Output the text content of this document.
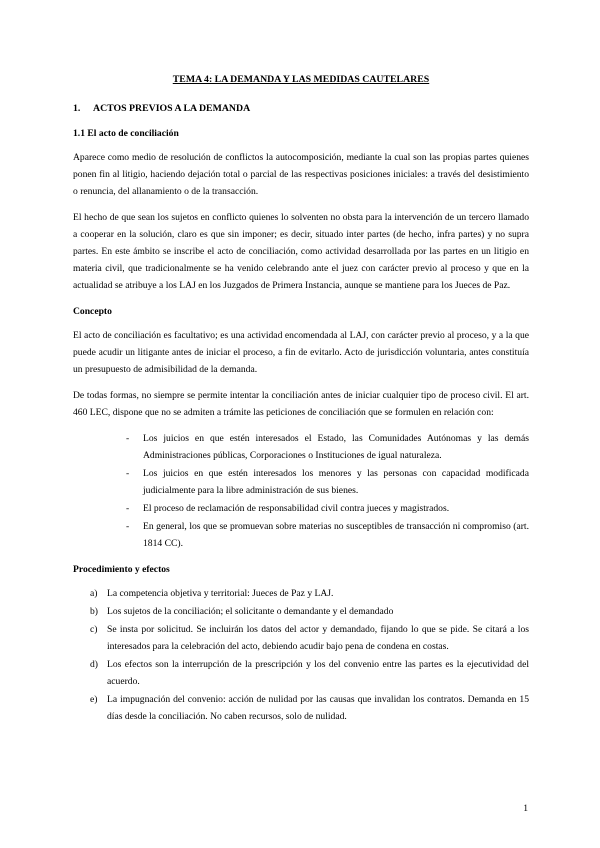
TEMA 4: LA DEMANDA Y LAS MEDIDAS CAUTELARES
1. ACTOS PREVIOS A LA DEMANDA
1.1 El acto de conciliación

Aparece como medio de resolución de conflictos la autocomposición, mediante la cual son las propias partes quienes ponen fin al litigio, haciendo dejación total o parcial de las respectivas posiciones iniciales: a través del desistimiento o renuncia, del allanamiento o de la transacción.

El hecho de que sean los sujetos en conflicto quienes lo solventen no obsta para la intervención de un tercero llamado a cooperar en la solución, claro es que sin imponer; es decir, situado inter partes (de hecho, infra partes) y no supra partes. En este ámbito se inscribe el acto de conciliación, como actividad desarrollada por las partes en un litigio en materia civil, que tradicionalmente se ha venido celebrando ante el juez con carácter previo al proceso y que en la actualidad se atribuye a los LAJ en los Juzgados de Primera Instancia, aunque se mantiene para los Jueces de Paz.

Concepto

El acto de conciliación es facultativo; es una actividad encomendada al LAJ, con carácter previo al proceso, y a la que puede acudir un litigante antes de iniciar el proceso, a fin de evitarlo. Acto de jurisdicción voluntaria, antes constituía un presupuesto de admisibilidad de la demanda.

De todas formas, no siempre se permite intentar la conciliación antes de iniciar cualquier tipo de proceso civil. El art. 460 LEC, dispone que no se admiten a trámite las peticiones de conciliación que se formulen en relación con:

- Los juicios en que estén interesados el Estado, las Comunidades Autónomas y las demás Administraciones públicas, Corporaciones o Instituciones de igual naturaleza.
- Los juicios en que estén interesados los menores y las personas con capacidad modificada judicialmente para la libre administración de sus bienes.
- El proceso de reclamación de responsabilidad civil contra jueces y magistrados.
- En general, los que se promuevan sobre materias no susceptibles de transacción ni compromiso (art. 1814 CC).
Procedimiento y efectos
a) La competencia objetiva y territorial: Jueces de Paz y LAJ.
b) Los sujetos de la conciliación; el solicitante o demandante y el demandado
c) Se insta por solicitud. Se incluirán los datos del actor y demandado, fijando lo que se pide. Se citará a los interesados para la celebración del acto, debiendo acudir bajo pena de condena en costas.
d) Los efectos son la interrupción de la prescripción y los del convenio entre las partes es la ejecutividad del acuerdo.
e) La impugnación del convenio: acción de nulidad por las causas que invalidan los contratos. Demanda en 15 días desde la conciliación. No caben recursos, solo de nulidad.
1
